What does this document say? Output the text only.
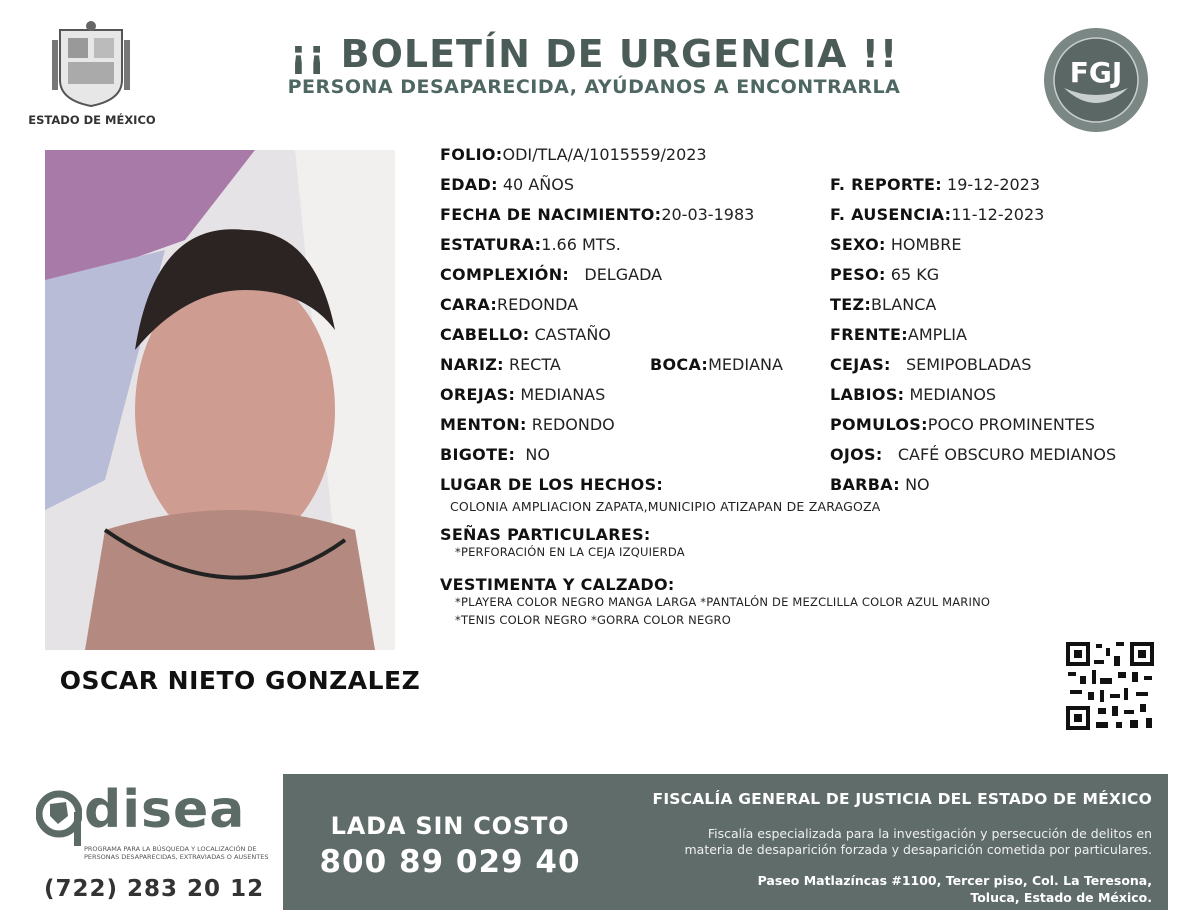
ESTADO DE MÉXICO
¡¡ BOLETÍN DE URGENCIA !!
PERSONA DESAPARECIDA, AYÚDANOS A ENCONTRARLA	FGJ
OSCAR NIETO GONZALEZ
FOLIO:ODI/TLA/A/1015559/2023
EDAD: 40 AÑOS	F. REPORTE: 19-12-2023
FECHA DE NACIMIENTO:20-03-1983	F. AUSENCIA:11-12-2023
ESTATURA:1.66 MTS.	SEXO: HOMBRE
COMPLEXIÓN: DELGADA	PESO: 65 KG
CARA:REDONDA	TEZ:BLANCA
CABELLO: CASTAÑO	FRENTE:AMPLIA
NARIZ: RECTA	BOCA:MEDIANA	CEJAS: SEMIPOBLADAS
OREJAS: MEDIANAS	LABIOS: MEDIANOS
MENTON: REDONDO	POMULOS:POCO PROMINENTES
BIGOTE: NO	OJOS: CAFÉ OBSCURO MEDIANOS
LUGAR DE LOS HECHOS:	BARBA: NO
COLONIA AMPLIACION ZAPATA,MUNICIPIO ATIZAPAN DE ZARAGOZA
SEÑAS PARTICULARES:
*PERFORACIÓN EN LA CEJA IZQUIERDA
VESTIMENTA Y CALZADO:
*PLAYERA COLOR NEGRO MANGA LARGA *PANTALÓN DE MEZCLILLA COLOR AZUL MARINO
*TENIS COLOR NEGRO *GORRA COLOR NEGRO
disea
PROGRAMA PARA LA BÚSQUEDA Y LOCALIZACIÓN DE PERSONAS DESAPARECIDAS, EXTRAVIADAS O AUSENTES
(722) 283 20 12
LADA SIN COSTO
800 89 029 40
FISCALÍA GENERAL DE JUSTICIA DEL ESTADO DE MÉXICO
Fiscalía especializada para la investigación y persecución de delitos en
materia de desaparición forzada y desaparición cometida por particulares.
Paseo Matlazíncas #1100, Tercer piso, Col. La Teresona,
Toluca, Estado de México.
